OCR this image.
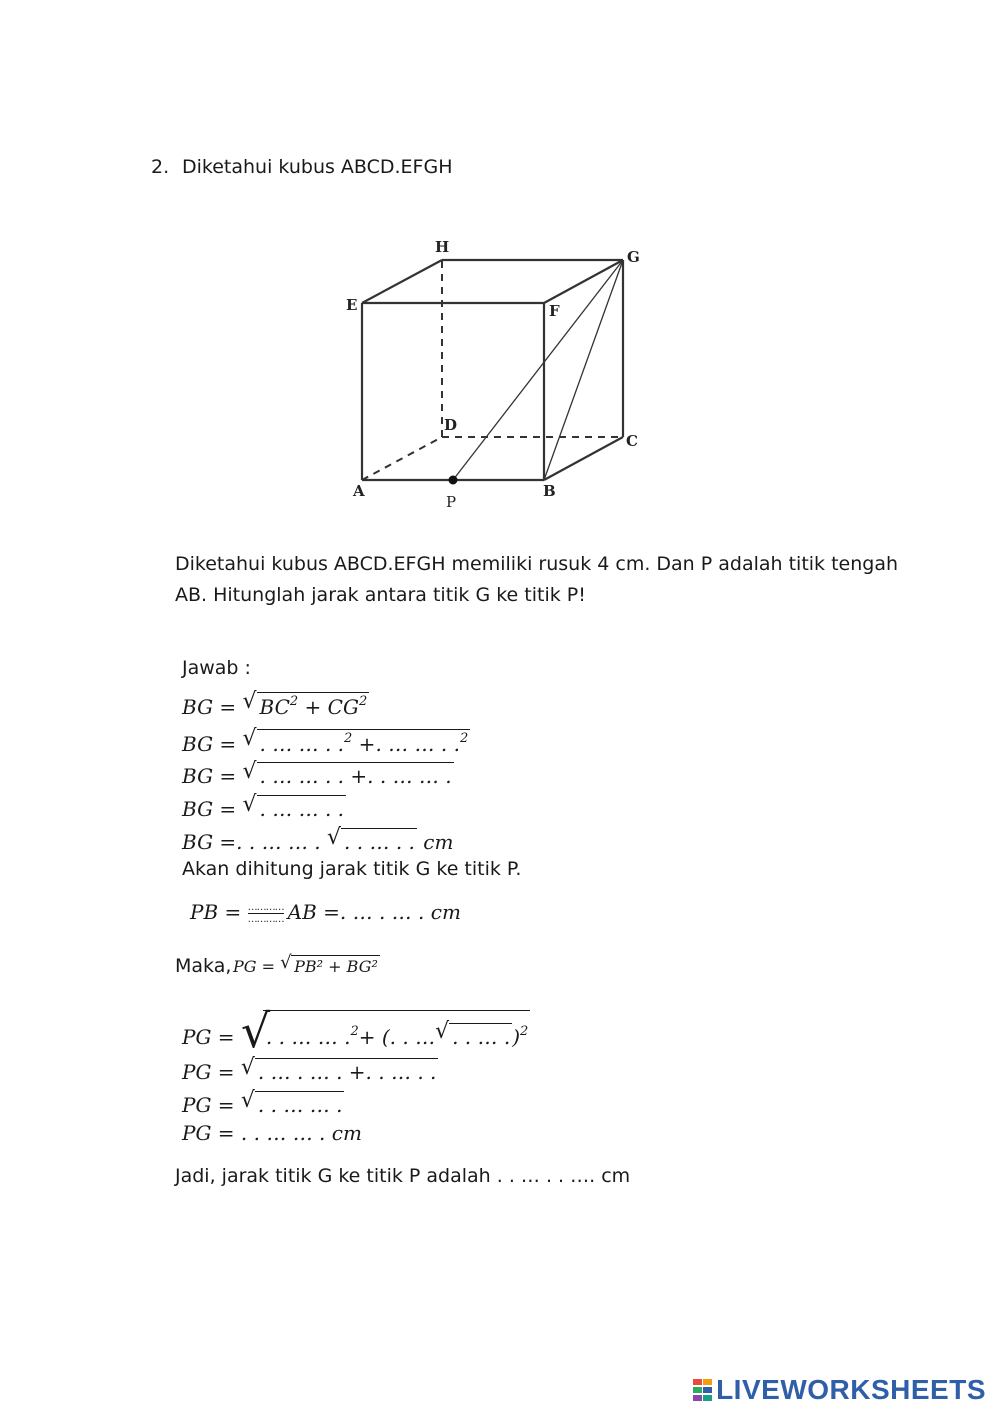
2. Diketahui kubus ABCD.EFGH
A	B
C
D
E	F
G
H
P
Diketahui kubus ABCD.EFGH memiliki rusuk 4 cm. Dan P adalah titik tengah
AB. Hitunglah jarak antara titik G ke titik P!
Jawab :
BG = √ $BC^2 + CG^2$
BG = √ . … … . .$^2$ +. … … . .$^2$
BG = √ . … … . . +. . … … .
BG = √ . … … . .
BG =. . … … . √ . . … . . cm
Akan dihitung jarak titik G ke titik P.
PB = $\frac{\dots\dots\dots\dots}{\dots\dots\dots\dots}$ AB =. … . … . cm
Maka, PG = √ PB² + BG²
PG = √
. . … … .$^2$+ (. . … √ . . … . )$^2$
PG = √ . … . … . +. . … . .
PG = √ . . … … .
PG = . . … … . cm
Jadi, jarak titik G ke titik P adalah . . … . . …. cm
LIVEWORKSHEETS
